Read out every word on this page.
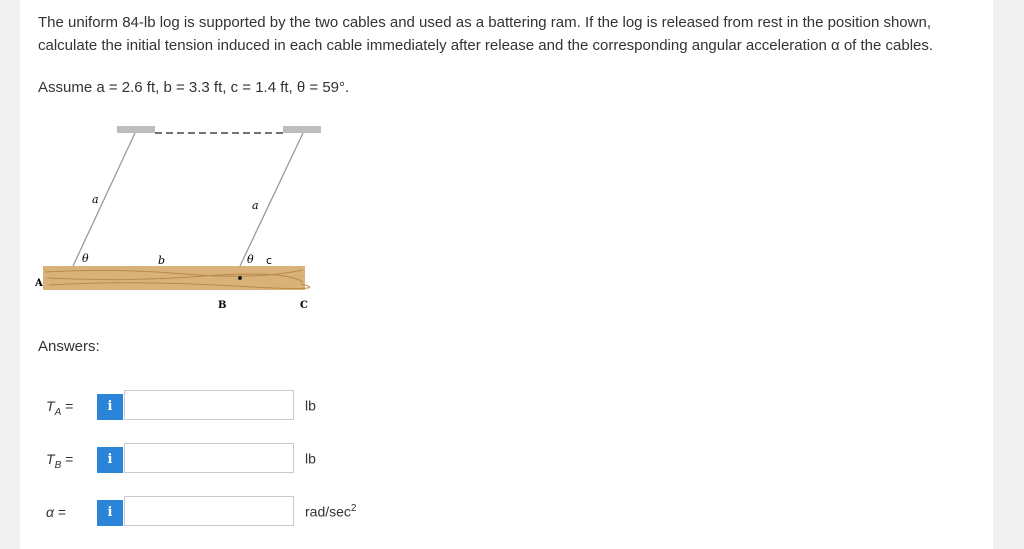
The uniform 84-lb log is supported by the two cables and used as a battering ram. If the log is released from rest in the position shown, calculate the initial tension induced in each cable immediately after release and the corresponding angular acceleration α of the cables.
Assume a = 2.6 ft, b = 3.3 ft, c = 1.4 ft, θ = 59°.
a	a
θ	b	θ c
A
B	C
Answers:
$T_A$ =	i	lb
$T_B$ =	i	lb
α =	i	rad/$\sec^2$
